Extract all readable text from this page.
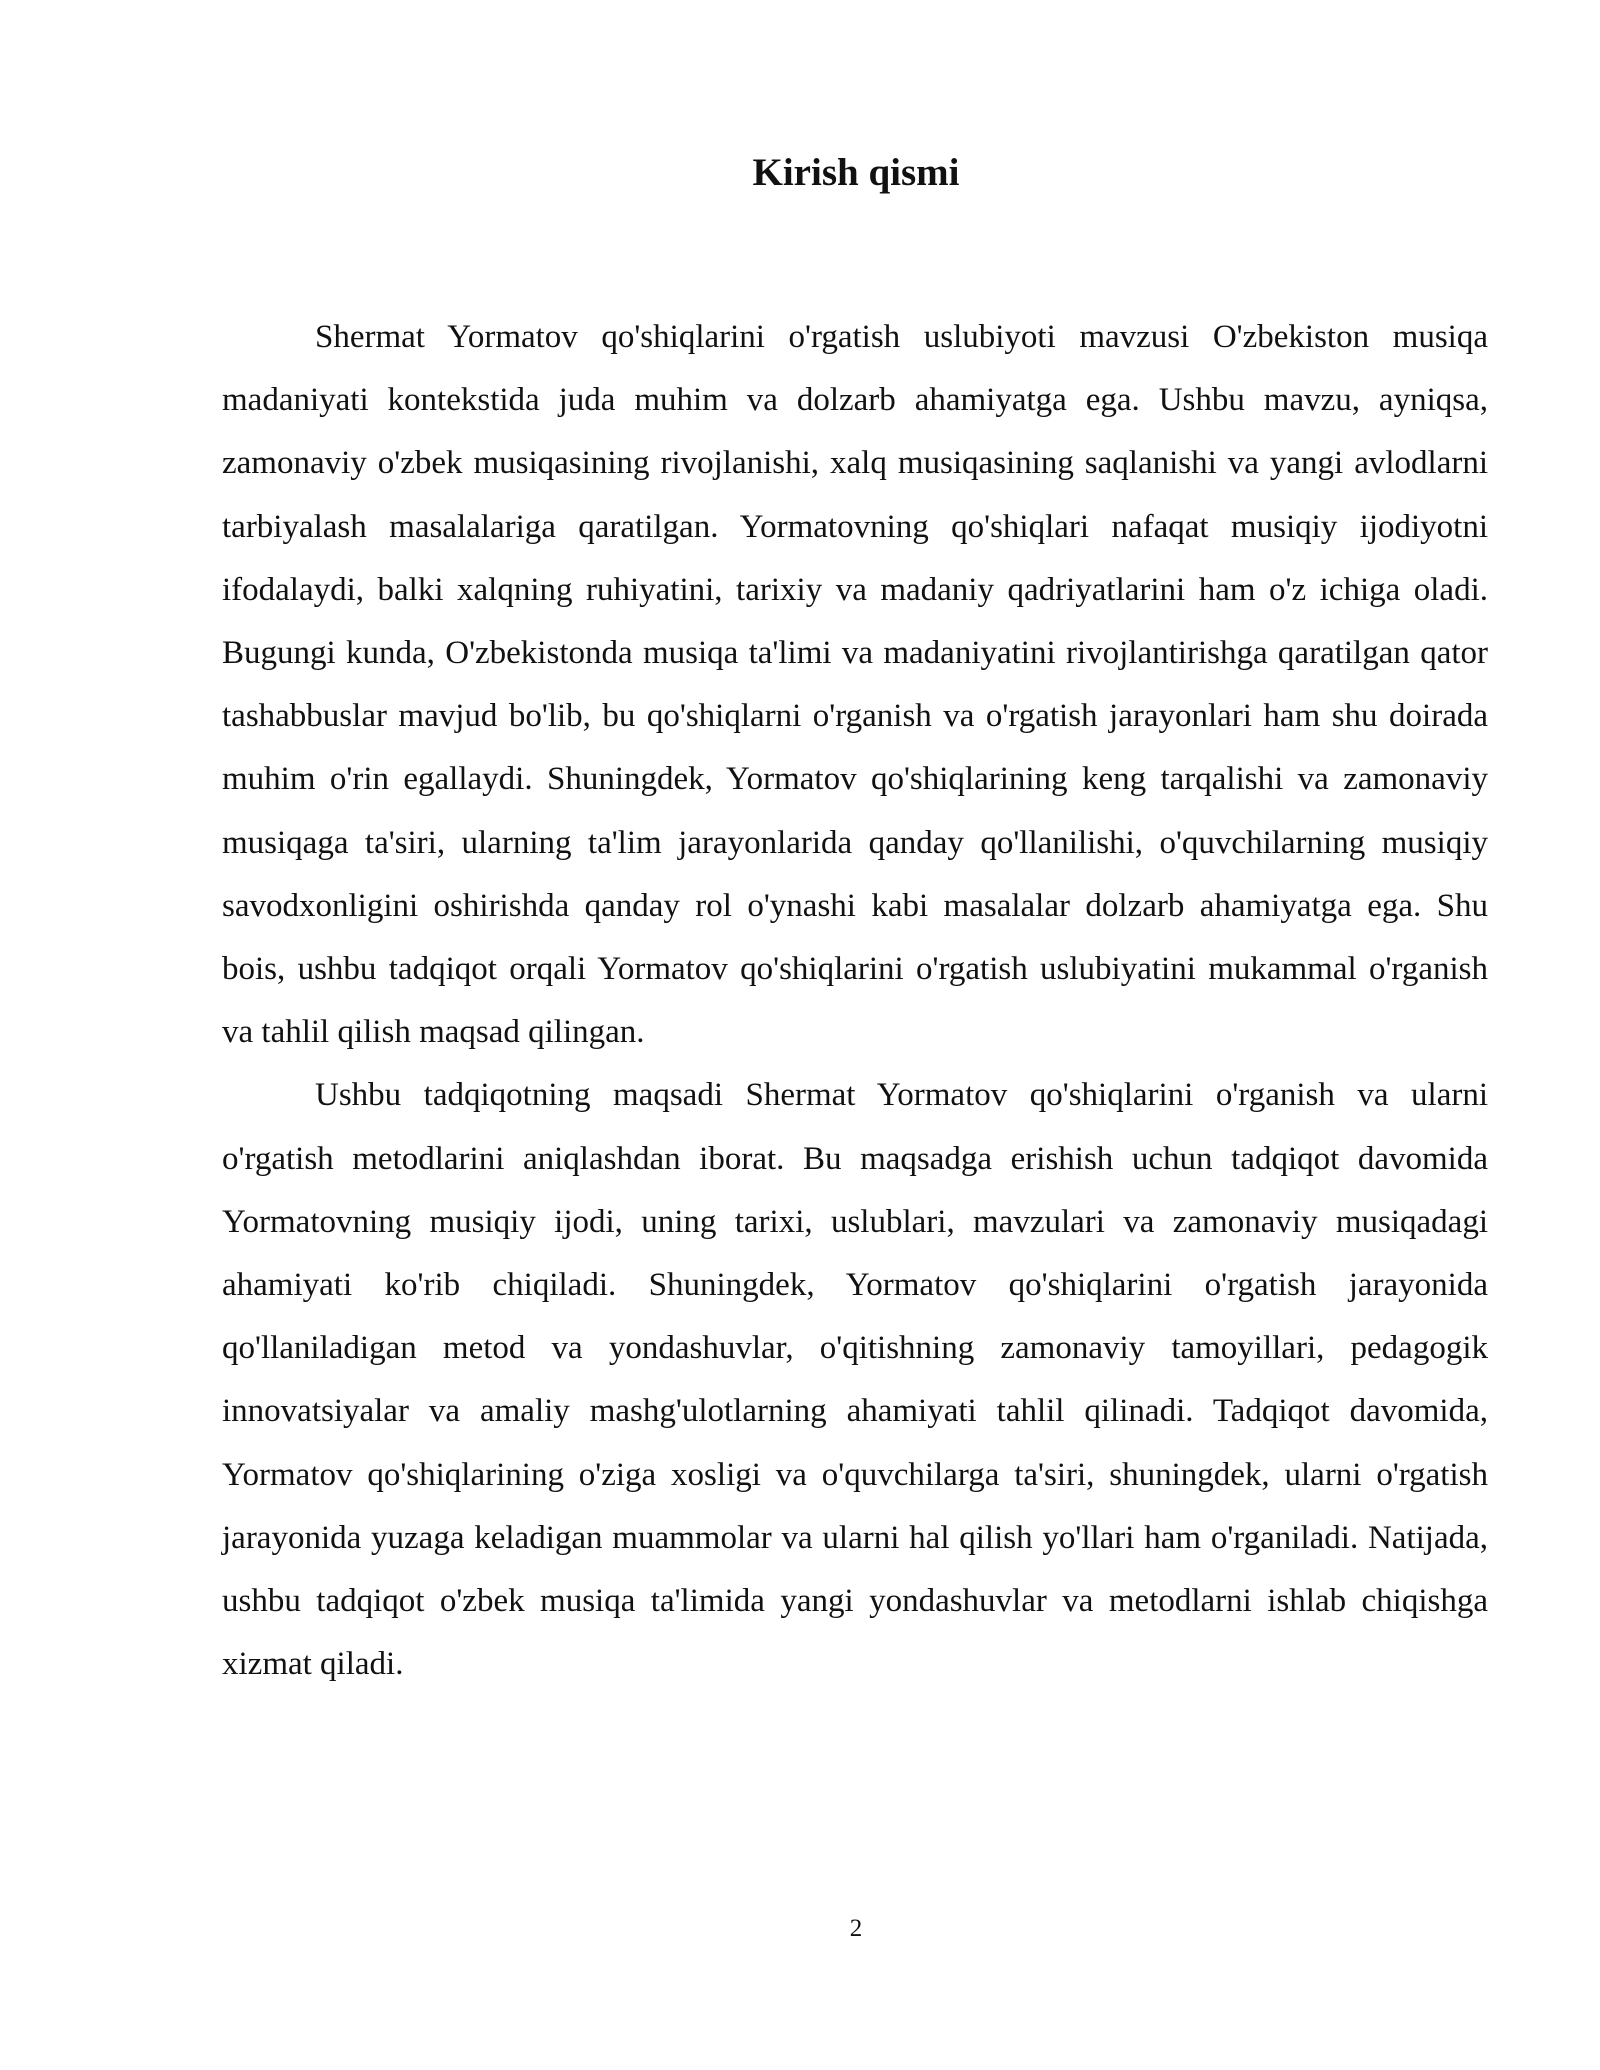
Kirish qismi

Shermat Yormatov qo'shiqlarini o'rgatish uslubiyoti mavzusi O'zbekiston musiqa madaniyati kontekstida juda muhim va dolzarb ahamiyatga ega. Ushbu mavzu, ayniqsa, zamonaviy o'zbek musiqasining rivojlanishi, xalq musiqasining saqlanishi va yangi avlodlarni tarbiyalash masalalariga qaratilgan. Yormatovning qo'shiqlari nafaqat musiqiy ijodiyotni ifodalaydi, balki xalqning ruhiyatini, tarixiy va madaniy qadriyatlarini ham o'z ichiga oladi. Bugungi kunda, O'zbekistonda musiqa ta'limi va madaniyatini rivojlantirishga qaratilgan qator tashabbuslar mavjud bo'lib, bu qo'shiqlarni o'rganish va o'rgatish jarayonlari ham shu doirada muhim o'rin egallaydi. Shuningdek, Yormatov qo'shiqlarining keng tarqalishi va zamonaviy musiqaga ta'siri, ularning ta'lim jarayonlarida qanday qo'llanilishi, o'quvchilarning musiqiy savodxonligini oshirishda qanday rol o'ynashi kabi masalalar dolzarb ahamiyatga ega. Shu bois, ushbu tadqiqot orqali Yormatov qo'shiqlarini o'rgatish uslubiyatini mukammal o'rganish va tahlil qilish maqsad qilingan.

Ushbu tadqiqotning maqsadi Shermat Yormatov qo'shiqlarini o'rganish va ularni o'rgatish metodlarini aniqlashdan iborat. Bu maqsadga erishish uchun tadqiqot davomida Yormatovning musiqiy ijodi, uning tarixi, uslublari, mavzulari va zamonaviy musiqadagi ahamiyati ko'rib chiqiladi. Shuningdek, Yormatov qo'shiqlarini o'rgatish jarayonida qo'llaniladigan metod va yondashuvlar, o'qitishning zamonaviy tamoyillari, pedagogik innovatsiyalar va amaliy mashg'ulotlarning ahamiyati tahlil qilinadi. Tadqiqot davomida, Yormatov qo'shiqlarining o'ziga xosligi va o'quvchilarga ta'siri, shuningdek, ularni o'rgatish jarayonida yuzaga keladigan muammolar va ularni hal qilish yo'llari ham o'rganiladi. Natijada, ushbu tadqiqot o'zbek musiqa ta'limida yangi yondashuvlar va metodlarni ishlab chiqishga xizmat qiladi.

2
